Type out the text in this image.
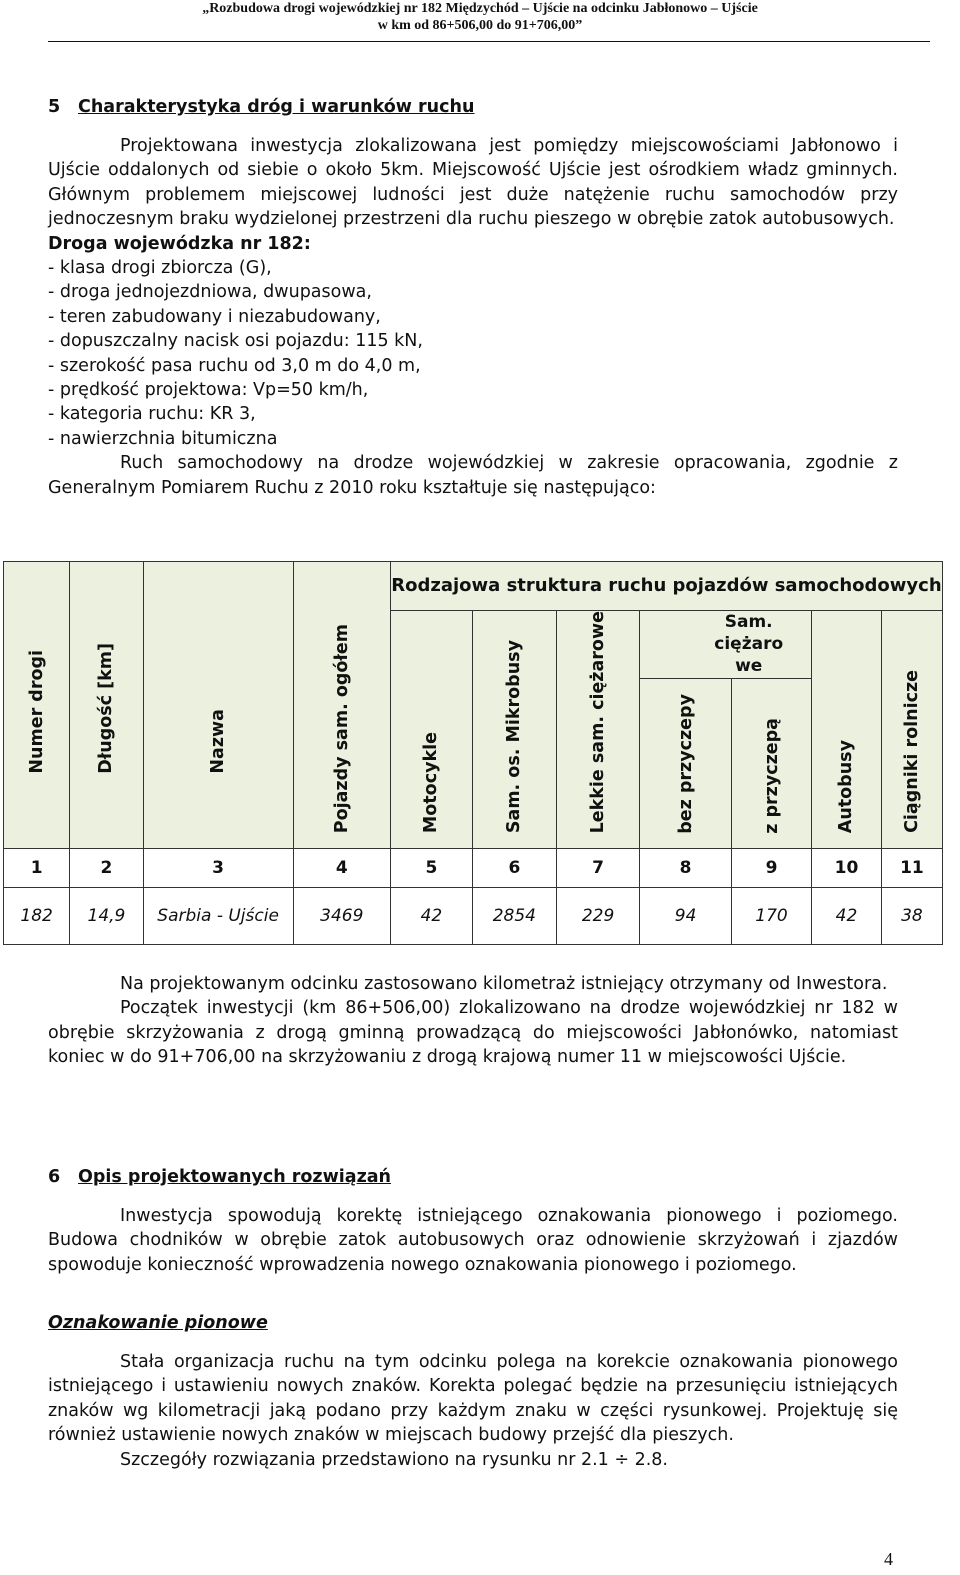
„Rozbudowa drogi wojewódzkiej nr 182 Międzychód – Ujście na odcinku Jabłonowo – Ujście
w km od 86+506,00 do 91+706,00”
5 Charakterystyka dróg i warunków ruchu

Projektowana inwestycja zlokalizowana jest pomiędzy miejscowościami Jabłonowo i Ujście oddalonych od siebie o około 5km. Miejscowość Ujście jest ośrodkiem władz gminnych. Głównym problemem miejscowej ludności jest duże natężenie ruchu samochodów przy jednoczesnym braku wydzielonej przestrzeni dla ruchu pieszego w obrębie zatok autobusowych.

Droga wojewódzka nr 182:

- klasa drogi zbiorcza (G),
- droga jednojezdniowa, dwupasowa,
- teren zabudowany i niezabudowany,
- dopuszczalny nacisk osi pojazdu: 115 kN,
- szerokość pasa ruchu od 3,0 m do 4,0 m,
- prędkość projektowa: Vp=50 km/h,
- kategoria ruchu: KR 3,
- nawierzchnia bitumiczna

Ruch samochodowy na drodze wojewódzkiej w zakresie opracowania, zgodnie z Generalnym Pomiarem Ruchu z 2010 roku kształtuje się następująco:

Numer drogi	Długość [km]	Nazwa	Pojazdy sam. ogółem	Rodzajowa struktura ruchu pojazdów samochodowych						
				Motocykle	Sam. os. Mikrobusy	Lekkie sam. ciężarowe	Sam. ciężaro we		Autobusy	Ciągniki rolnicze
							bez przyczepy	z przyczepą		
1	2	3	4	5	6	7	8	9	10	11
182	14,9	Sarbia - Ujście	3469	42	2854	229	94	170	42	38

Na projektowanym odcinku zastosowano kilometraż istniejący otrzymany od Inwestora.

Początek inwestycji (km 86+506,00) zlokalizowano na drodze wojewódzkiej nr 182 w obrębie skrzyżowania z drogą gminną prowadzącą do miejscowości Jabłonówko, natomiast koniec w do 91+706,00 na skrzyżowaniu z drogą krajową numer 11 w miejscowości Ujście.

6 Opis projektowanych rozwiązań

Inwestycja spowodują korektę istniejącego oznakowania pionowego i poziomego. Budowa chodników w obrębie zatok autobusowych oraz odnowienie skrzyżowań i zjazdów spowoduje konieczność wprowadzenia nowego oznakowania pionowego i poziomego.

Oznakowanie pionowe

Stała organizacja ruchu na tym odcinku polega na korekcie oznakowania pionowego istniejącego i ustawieniu nowych znaków. Korekta polegać będzie na przesunięciu istniejących znaków wg kilometracji jaką podano przy każdym znaku w części rysunkowej. Projektuję się również ustawienie nowych znaków w miejscach budowy przejść dla pieszych.

Szczegóły rozwiązania przedstawiono na rysunku nr 2.1 ÷ 2.8.

4
